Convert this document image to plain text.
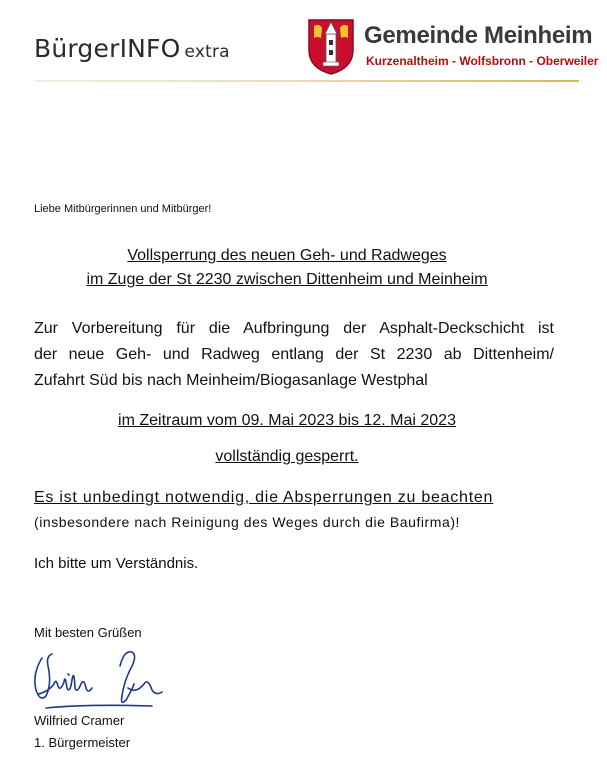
BürgerINFO extra
Gemeinde Meinheim
Kurzenaltheim - Wolfsbronn - Oberweiler
Liebe Mitbürgerinnen und Mitbürger!
Vollsperrung des neuen Geh- und Radweges
im Zuge der St 2230 zwischen Dittenheim und Meinheim
Zur Vorbereitung für die Aufbringung der Asphalt-Deckschicht ist
der neue Geh- und Radweg entlang der St 2230 ab Dittenheim/
Zufahrt Süd bis nach Meinheim/Biogasanlage Westphal
im Zeitraum vom 09. Mai 2023 bis 12. Mai 2023
vollständig gesperrt.
Es ist unbedingt notwendig, die Absperrungen zu beachten
(insbesondere nach Reinigung des Weges durch die Baufirma)!
Ich bitte um Verständnis.
Mit besten Grüßen
Wilfried Cramer
1. Bürgermeister
